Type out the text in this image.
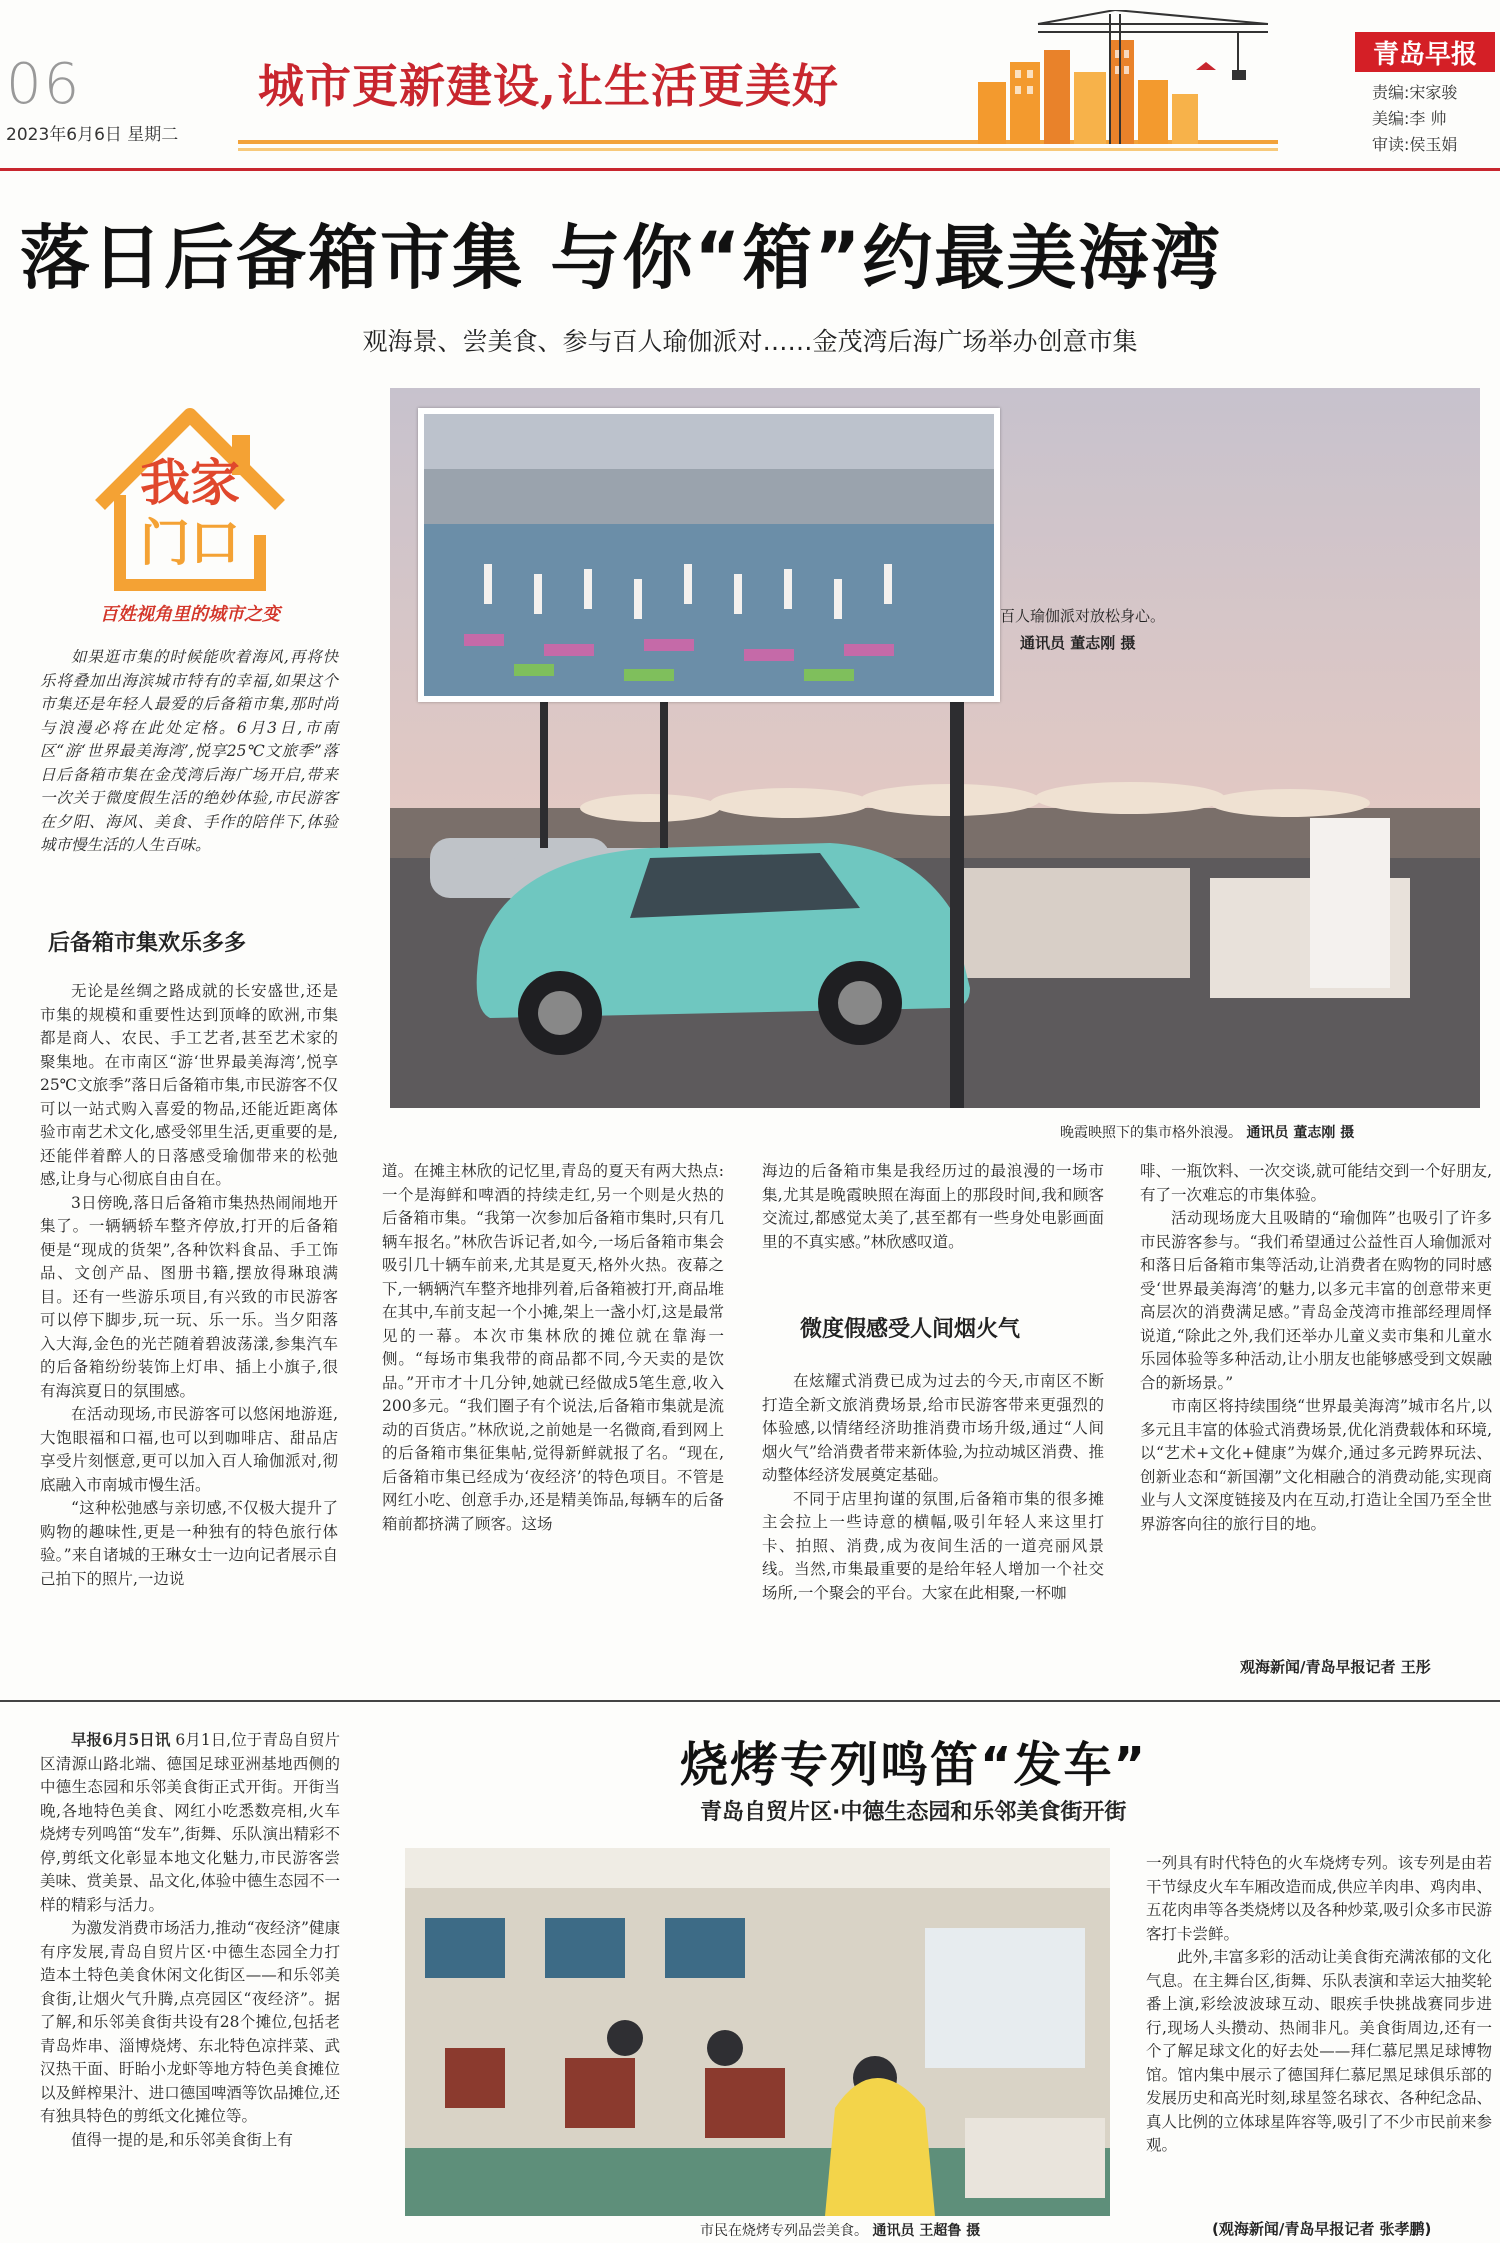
06
2023年6月6日 星期二
城市更新建设,让生活更美好
青岛早报
责编:宋家骏
美编:李 帅
审读:侯玉娟
落日后备箱市集 与你“箱”约最美海湾
观海景、尝美食、参与百人瑜伽派对……金茂湾后海广场举办创意市集
我家
门口
百姓视角里的城市之变

如果逛市集的时候能吹着海风,再将快乐将叠加出海滨城市特有的幸福,如果这个市集还是年轻人最爱的后备箱市集,那时尚与浪漫必将在此处定格。6月3日,市南区“游‘世界最美海湾’,悦享25℃文旅季”落日后备箱市集在金茂湾后海广场开启,带来一次关于微度假生活的绝妙体验,市民游客在夕阳、海风、美食、手作的陪伴下,体验城市慢生活的人生百味。

后备箱市集欢乐多多

无论是丝绸之路成就的长安盛世,还是市集的规模和重要性达到顶峰的欧洲,市集都是商人、农民、手工艺者,甚至艺术家的聚集地。在市南区“游‘世界最美海湾’,悦享25℃文旅季”落日后备箱市集,市民游客不仅可以一站式购入喜爱的物品,还能近距离体验市南艺术文化,感受邻里生活,更重要的是,还能伴着醉人的日落感受瑜伽带来的松弛感,让身与心彻底自由自在。

3日傍晚,落日后备箱市集热热闹闹地开集了。一辆辆轿车整齐停放,打开的后备箱便是“现成的货架”,各种饮料食品、手工饰品、文创产品、图册书籍,摆放得琳琅满目。还有一些游乐项目,有兴致的市民游客可以停下脚步,玩一玩、乐一乐。当夕阳落入大海,金色的光芒随着碧波荡漾,参集汽车的后备箱纷纷装饰上灯串、插上小旗子,很有海滨夏日的氛围感。

在活动现场,市民游客可以悠闲地游逛,大饱眼福和口福,也可以到咖啡店、甜品店享受片刻惬意,更可以加入百人瑜伽派对,彻底融入市南城市慢生活。

“这种松弛感与亲切感,不仅极大提升了购物的趣味性,更是一种独有的特色旅行体验。”来自诸城的王琳女士一边向记者展示自己拍下的照片,一边说

百人瑜伽派对放松身心。
通讯员 董志刚 摄
晚霞映照下的集市格外浪漫。 通讯员 董志刚 摄
道。在摊主林欣的记忆里,青岛的夏天有两大热点:一个是海鲜和啤酒的持续走红,另一个则是火热的后备箱市集。“我第一次参加后备箱市集时,只有几辆车报名。”林欣告诉记者,如今,一场后备箱市集会吸引几十辆车前来,尤其是夏天,格外火热。夜幕之下,一辆辆汽车整齐地排列着,后备箱被打开,商品堆在其中,车前支起一个小摊,架上一盏小灯,这是最常见的一幕。本次市集林欣的摊位就在靠海一侧。“每场市集我带的商品都不同,今天卖的是饮品。”开市才十几分钟,她就已经做成5笔生意,收入200多元。“我们圈子有个说法,后备箱市集就是流动的百货店。”林欣说,之前她是一名微商,看到网上的后备箱市集征集帖,觉得新鲜就报了名。“现在,后备箱市集已经成为‘夜经济’的特色项目。不管是网红小吃、创意手办,还是精美饰品,每辆车的后备箱前都挤满了顾客。这场
海边的后备箱市集是我经历过的最浪漫的一场市集,尤其是晚霞映照在海面上的那段时间,我和顾客交流过,都感觉太美了,甚至都有一些身处电影画面里的不真实感。”林欣感叹道。
微度假感受人间烟火气

在炫耀式消费已成为过去的今天,市南区不断打造全新文旅消费场景,给市民游客带来更强烈的体验感,以情绪经济助推消费市场升级,通过“人间烟火气”给消费者带来新体验,为拉动城区消费、推动整体经济发展奠定基础。

不同于店里拘谨的氛围,后备箱市集的很多摊主会拉上一些诗意的横幅,吸引年轻人来这里打卡、拍照、消费,成为夜间生活的一道亮丽风景线。当然,市集最重要的是给年轻人增加一个社交场所,一个聚会的平台。大家在此相聚,一杯咖

啡、一瓶饮料、一次交谈,就可能结交到一个好朋友,有了一次难忘的市集体验。

活动现场庞大且吸睛的“瑜伽阵”也吸引了许多市民游客参与。“我们希望通过公益性百人瑜伽派对和落日后备箱市集等活动,让消费者在购物的同时感受‘世界最美海湾’的魅力,以多元丰富的创意带来更高层次的消费满足感。”青岛金茂湾市推部经理周怿说道,“除此之外,我们还举办儿童义卖市集和儿童水乐园体验等多种活动,让小朋友也能够感受到文娱融合的新场景。”

市南区将持续围绕“世界最美海湾”城市名片,以多元且丰富的体验式消费场景,优化消费载体和环境,以“艺术+文化+健康”为媒介,通过多元跨界玩法、创新业态和“新国潮”文化相融合的消费动能,实现商业与人文深度链接及内在互动,打造让全国乃至全世界游客向往的旅行目的地。

观海新闻/青岛早报记者 王彤
烧烤专列鸣笛“发车”
青岛自贸片区·中德生态园和乐邻美食街开街

早报6月5日讯 6月1日,位于青岛自贸片区清源山路北端、德国足球亚洲基地西侧的中德生态园和乐邻美食街正式开街。开街当晚,各地特色美食、网红小吃悉数亮相,火车烧烤专列鸣笛“发车”,街舞、乐队演出精彩不停,剪纸文化彰显本地文化魅力,市民游客尝美味、赏美景、品文化,体验中德生态园不一样的精彩与活力。

为激发消费市场活力,推动“夜经济”健康有序发展,青岛自贸片区·中德生态园全力打造本土特色美食休闲文化街区——和乐邻美食街,让烟火气升腾,点亮园区“夜经济”。据了解,和乐邻美食街共设有28个摊位,包括老青岛炸串、淄博烧烤、东北特色凉拌菜、武汉热干面、盱眙小龙虾等地方特色美食摊位以及鲜榨果汁、进口德国啤酒等饮品摊位,还有独具特色的剪纸文化摊位等。

值得一提的是,和乐邻美食街上有

市民在烧烤专列品尝美食。 通讯员 王超鲁 摄
一列具有时代特色的火车烧烤专列。该专列是由若干节绿皮火车车厢改造而成,供应羊肉串、鸡肉串、五花肉串等各类烧烤以及各种炒菜,吸引众多市民游客打卡尝鲜。

此外,丰富多彩的活动让美食街充满浓郁的文化气息。在主舞台区,街舞、乐队表演和幸运大抽奖轮番上演,彩绘波波球互动、眼疾手快挑战赛同步进行,现场人头攒动、热闹非凡。美食街周边,还有一个了解足球文化的好去处——拜仁慕尼黑足球博物馆。馆内集中展示了德国拜仁慕尼黑足球俱乐部的发展历史和高光时刻,球星签名球衣、各种纪念品、真人比例的立体球星阵容等,吸引了不少市民前来参观。

(观海新闻/青岛早报记者 张孝鹏)
